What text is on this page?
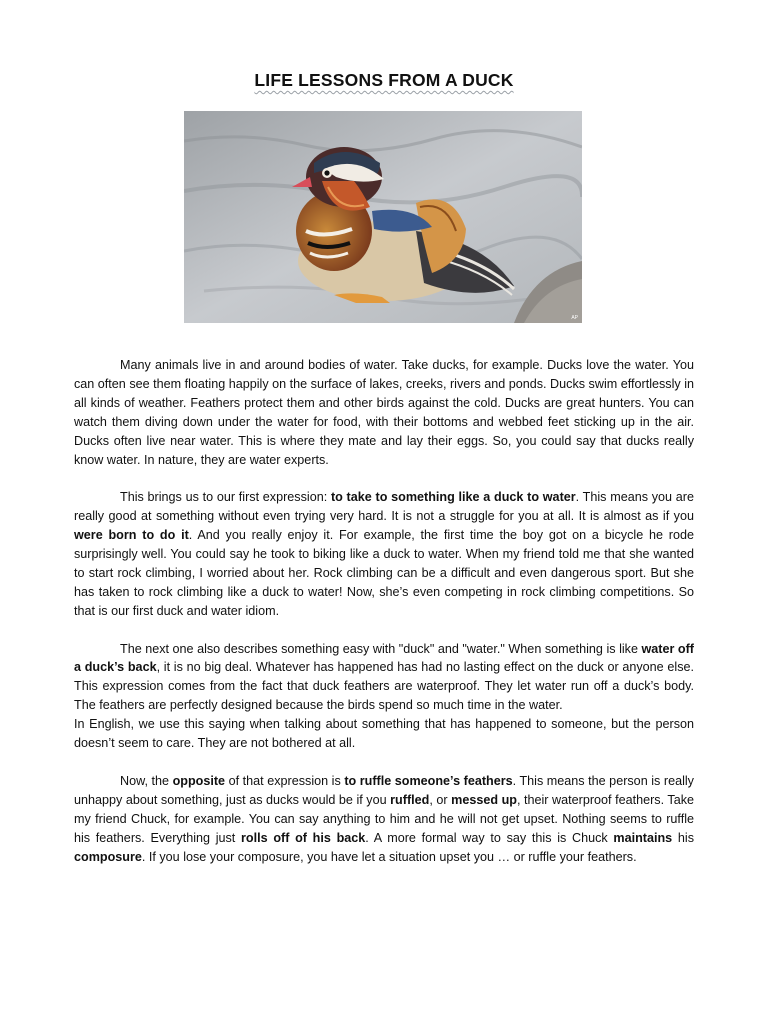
LIFE LESSONS FROM A DUCK
AP

Many animals live in and around bodies of water. Take ducks, for example. Ducks love the water. You can often see them floating happily on the surface of lakes, creeks, rivers and ponds. Ducks swim effortlessly in all kinds of weather. Feathers protect them and other birds against the cold. Ducks are great hunters. You can watch them diving down under the water for food, with their bottoms and webbed feet sticking up in the air. Ducks often live near water. This is where they mate and lay their eggs. So, you could say that ducks really know water. In nature, they are water experts.

This brings us to our first expression: to take to something like a duck to water. This means you are really good at something without even trying very hard. It is not a struggle for you at all. It is almost as if you were born to do it. And you really enjoy it. For example, the first time the boy got on a bicycle he rode surprisingly well. You could say he took to biking like a duck to water. When my friend told me that she wanted to start rock climbing, I worried about her. Rock climbing can be a difficult and even dangerous sport. But she has taken to rock climbing like a duck to water! Now, she’s even competing in rock climbing competitions. So that is our first duck and water idiom.

The next one also describes something easy with "duck" and "water." When something is like water off a duck’s back, it is no big deal. Whatever has happened has had no lasting effect on the duck or anyone else. This expression comes from the fact that duck feathers are waterproof. They let water run off a duck’s body. The feathers are perfectly designed because the birds spend so much time in the water.
In English, we use this saying when talking about something that has happened to someone, but the person doesn’t seem to care. They are not bothered at all.

Now, the opposite of that expression is to ruffle someone’s feathers. This means the person is really unhappy about something, just as ducks would be if you ruffled, or messed up, their waterproof feathers. Take my friend Chuck, for example. You can say anything to him and he will not get upset. Nothing seems to ruffle his feathers. Everything just rolls off of his back. A more formal way to say this is Chuck maintains his composure. If you lose your composure, you have let a situation upset you … or ruffle your feathers.
